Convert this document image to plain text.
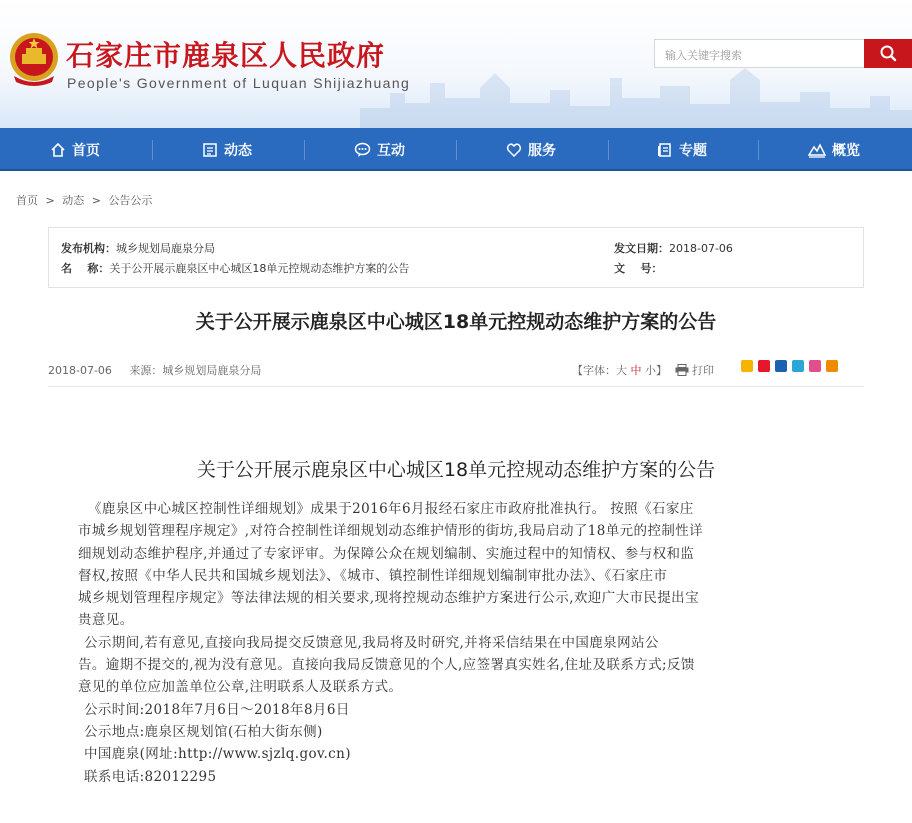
石家庄市鹿泉区人民政府
People's Government of Luquan Shijiazhuang
输入关键字搜索
首页	动态	互动	服务	专题	概览
首页 > 动态 > 公告公示
发布机构：城乡规划局鹿泉分局
名    称：关于公开展示鹿泉区中心城区18单元控规动态维护方案的公告
发文日期：2018-07-06
文    号：
关于公开展示鹿泉区中心城区18单元控规动态维护方案的公告
2018-07-06 来源：城乡规划局鹿泉分局	【字体： 大
中
小】 打印
关于公开展示鹿泉区中心城区18单元控规动态维护方案的公告
《鹿泉区中心城区控制性详细规划》成果于2016年6月报经石家庄市政府批准执行。 按照《石家庄
市城乡规划管理程序规定》,对符合控制性详细规划动态维护情形的街坊,我局启动了18单元的控制性详
细规划动态维护程序,并通过了专家评审。为保障公众在规划编制、实施过程中的知情权、参与权和监
督权,按照《中华人民共和国城乡规划法》、《城市、镇控制性详细规划编制审批办法》、《石家庄市
城乡规划管理程序规定》等法律法规的相关要求,现将控规动态维护方案进行公示,欢迎广大市民提出宝
贵意见。
公示期间,若有意见,直接向我局提交反馈意见,我局将及时研究,并将采信结果在中国鹿泉网站公
告。逾期不提交的,视为没有意见。直接向我局反馈意见的个人,应签署真实姓名,住址及联系方式;反馈
意见的单位应加盖单位公章,注明联系人及联系方式。
公示时间:2018年7月6日～2018年8月6日
公示地点:鹿泉区规划馆(石柏大街东侧)
中国鹿泉(网址:http://www.sjzlq.gov.cn)
联系电话:82012295
